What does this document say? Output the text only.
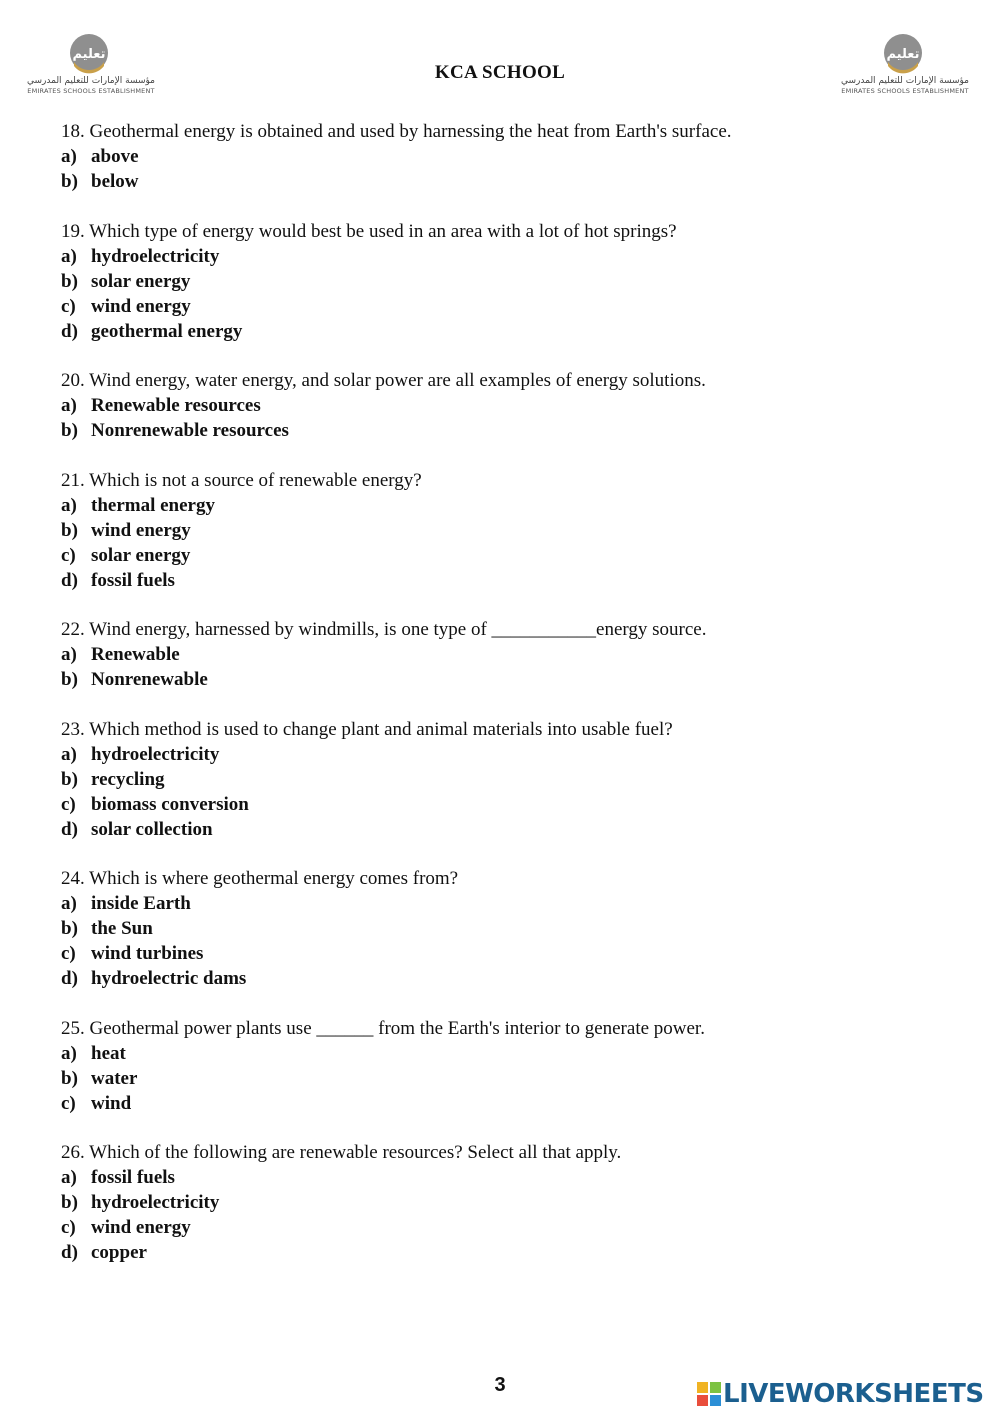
تعليم
مؤسسة الإمارات للتعليم المدرسي
EMIRATES SCHOOLS ESTABLISHMENT
KCA SCHOOL
تعليم
مؤسسة الإمارات للتعليم المدرسي
EMIRATES SCHOOLS ESTABLISHMENT
18. Geothermal energy is obtained and used by harnessing the heat from Earth's surface.
a) above
b) below
19. Which type of energy would best be used in an area with a lot of hot springs?
a) hydroelectricity
b) solar energy
c) wind energy
d) geothermal energy
20. Wind energy, water energy, and solar power are all examples of energy solutions.
a) Renewable resources
b) Nonrenewable resources
21. Which is not a source of renewable energy?
a) thermal energy
b) wind energy
c) solar energy
d) fossil fuels
22. Wind energy, harnessed by windmills, is one type of ___________energy source.
a) Renewable
b) Nonrenewable
23. Which method is used to change plant and animal materials into usable fuel?
a) hydroelectricity
b) recycling
c) biomass conversion
d) solar collection
24. Which is where geothermal energy comes from?
a) inside Earth
b) the Sun
c) wind turbines
d) hydroelectric dams
25. Geothermal power plants use ______ from the Earth's interior to generate power.
a) heat
b) water
c) wind
26. Which of the following are renewable resources? Select all that apply.
a) fossil fuels
b) hydroelectricity
c) wind energy
d) copper
3	LIVEWORKSHEETS
